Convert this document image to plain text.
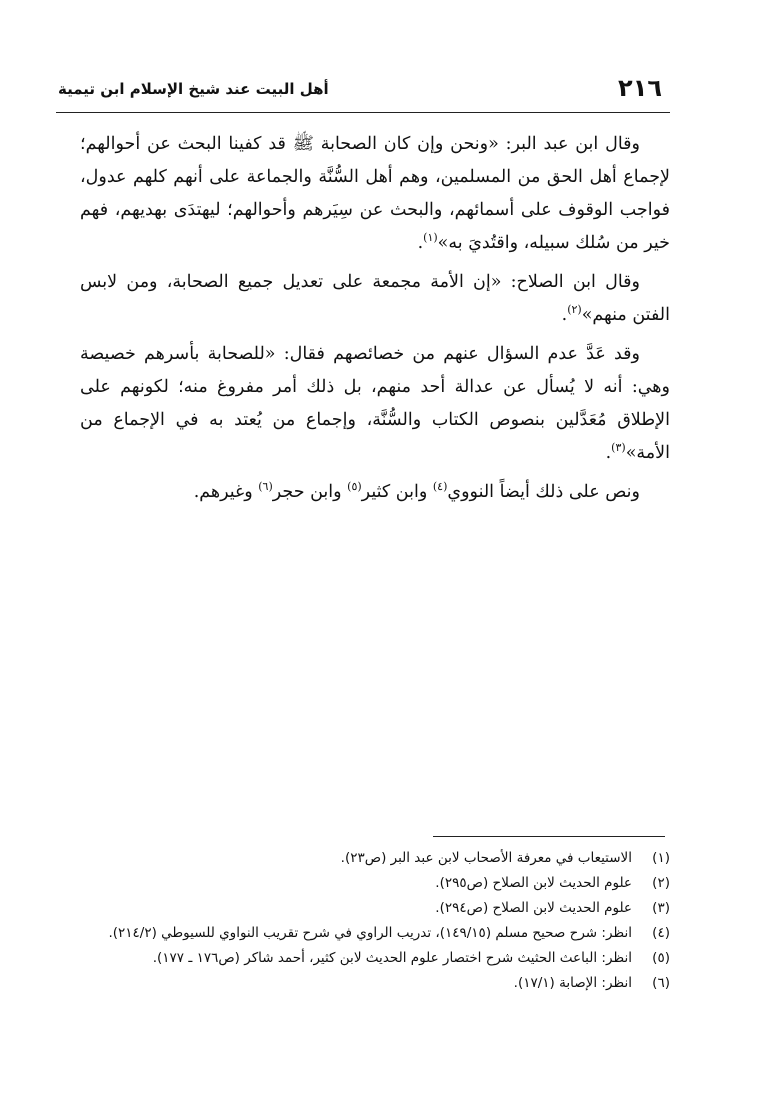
٢١٦
أهل البيت عند شيخ الإسلام ابن تيمية

وقال ابن عبد البر: «ونحن وإن كان الصحابة ﷺ قد كفينا البحث عن أحوالهم؛ لإجماع أهل الحق من المسلمين، وهم أهل السُّنَّة والجماعة على أنهم كلهم عدول، فواجب الوقوف على أسمائهم، والبحث عن سِيَرهم وأحوالهم؛ ليهتدَى بهديهم، فهم خير من سُلك سبيله، واقتُديَ به»$^{(١)}$.

وقال ابن الصلاح: «إن الأمة مجمعة على تعديل جميع الصحابة، ومن لابس الفتن منهم»$^{(٢)}$.

وقد عَدَّ عدم السؤال عنهم من خصائصهم فقال: «للصحابة بأسرهم خصيصة وهي: أنه لا يُسأل عن عدالة أحد منهم، بل ذلك أمر مفروغ منه؛ لكونهم على الإطلاق مُعَدَّلين بنصوص الكتاب والسُّنَّة، وإجماع من يُعتد به في الإجماع من الأمة»$^{(٣)}$.

ونص على ذلك أيضاً النووي$^{(٤)}$ وابن كثير$^{(٥)}$ وابن حجر$^{(٦)}$ وغيرهم.

(١)
الاستيعاب في معرفة الأصحاب لابن عبد البر (ص٢٣).
(٢)
علوم الحديث لابن الصلاح (ص٢٩٥).
(٣)
علوم الحديث لابن الصلاح (ص٢٩٤).
(٤)
انظر: شرح صحيح مسلم (١٤٩/١٥)، تدريب الراوي في شرح تقريب النواوي للسيوطي (٢١٤/٢).
(٥)
انظر: الباعث الحثيث شرح اختصار علوم الحديث لابن كثير، أحمد شاكر (ص١٧٦ ـ ١٧٧).
(٦)
انظر: الإصابة (١٧/١).
